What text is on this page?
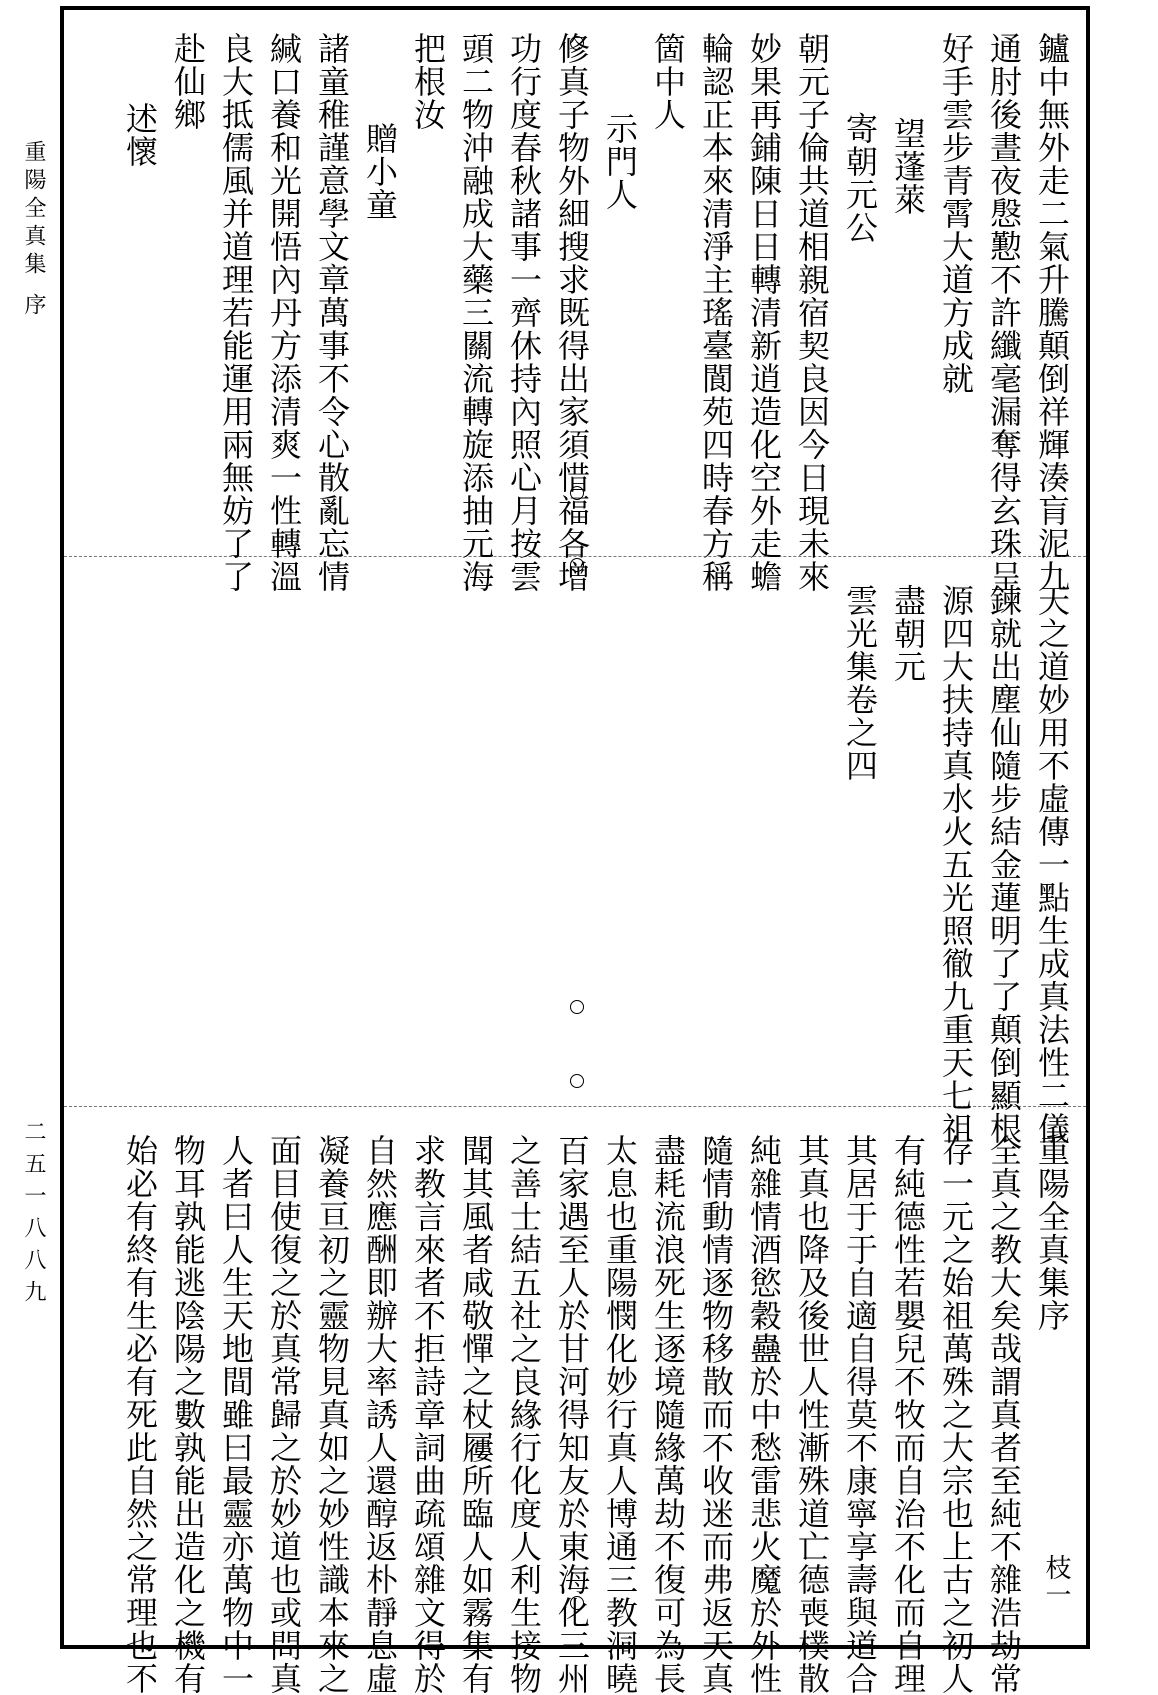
重陽全真集 序
二五一八八九
鑪中無外走二氣升騰顛倒祥輝湊肓泥九
通肘後晝夜慇懃不許纖毫漏奪得玄珠呈
好手雲步青霄大道方成就
望蓬萊
寄朝元公
朝元子倫共道相親宿契良因今日現未來
妙果再鋪陳日日轉清新逍造化空外走蟾
輪認正本來清淨主瑤臺閬苑四時春方稱
箇中人
示門人
修真子物外細搜求既得出家須惜福各增
功行度春秋諸事一齊休持內照心月按雲
頭二物沖融成大藥三關流轉旋添抽元海
把根汝
贈小童
諸童稚謹意學文章萬事不令心散亂忘情
緘口養和光開悟內丹方添清爽一性轉溫
良大抵儒風并道理若能運用兩無妨了了
赴仙鄉
述懷
天之道妙用不虛傳一點生成真法性二儀
鍊就出塵仙隨步結金蓮明了了顛倒顯根
源四大扶持真水火五光照徹九重天七祖
盡朝元
雲光集卷之四
重陽全真集序
枝一
全真之教大矣哉謂真者至純不雜浩劫常
存一元之始祖萬殊之大宗也上古之初人
有純德性若嬰兒不牧而自治不化而自理
其居于于自適自得莫不康寧享壽與道合
其真也降及後世人性漸殊道亡德喪樸散
純雜情酒慾穀蠱於中愁雷悲火魔於外性
隨情動情逐物移散而不收迷而弗返天真
盡耗流浪死生逐境隨緣萬劫不復可為長
太息也重陽憫化妙行真人博通三教洞曉
百家遇至人於甘河得知友於東海化三州
之善士結五社之良緣行化度人利生接物
聞其風者咸敬憚之杖屨所臨人如霧集有
求教言來者不拒詩章詞曲疏頌雜文得於
自然應酬即辦大率誘人還醇返朴靜息虛
凝養亘初之靈物見真如之妙性識本來之
面目使復之於真常歸之於妙道也或問真
人者曰人生天地間雖曰最靈亦萬物中一
物耳孰能逃陰陽之數孰能出造化之機有
始必有終有生必有死此自然之常理也不
